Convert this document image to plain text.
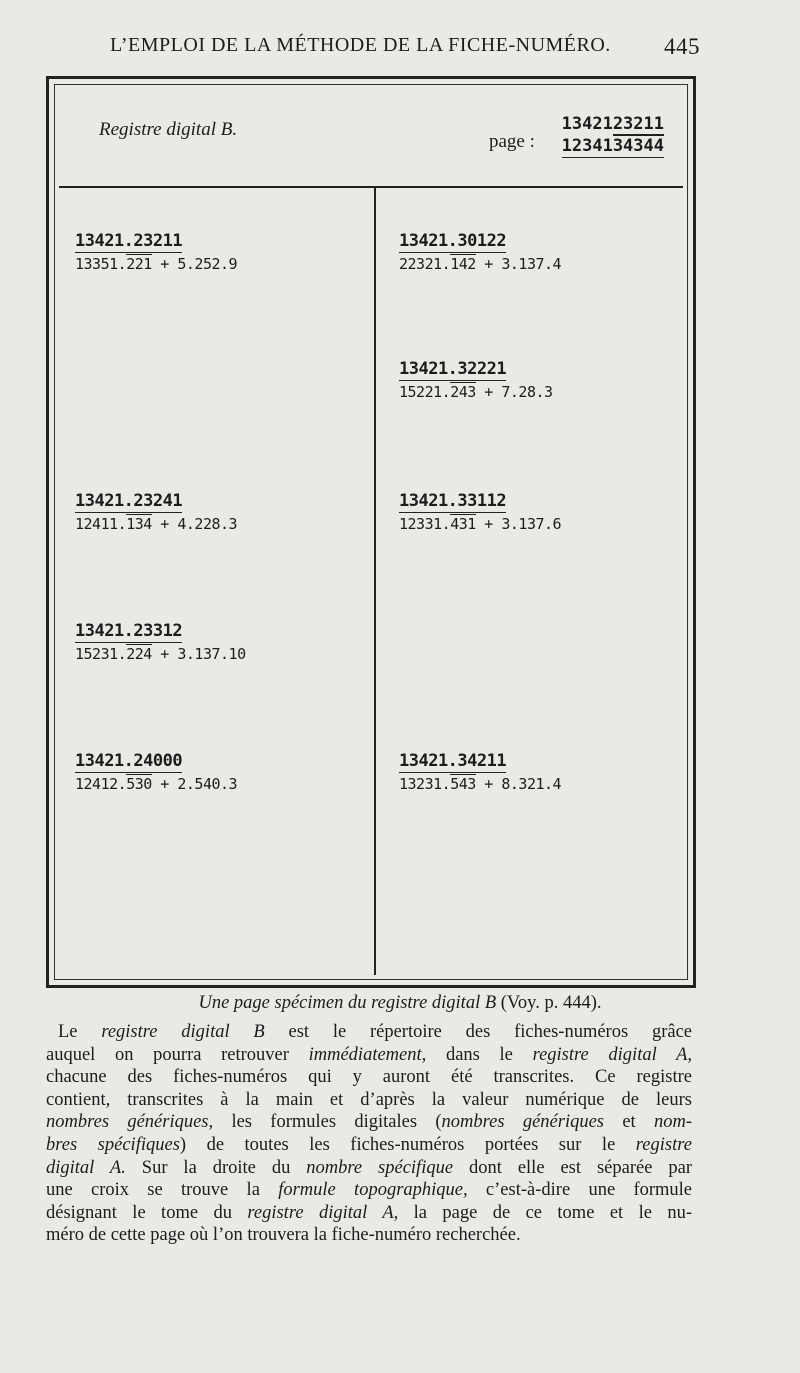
L’EMPLOI DE LA MÉTHODE DE LA FICHE-NUMÉRO. 445
Registre digital B.
page :
1342123211
1234134344
13421.23211
13351.221 + 5.252.9
13421.23241
12411.134 + 4.228.3
13421.23312
15231.224 + 3.137.10
13421.24000
12412.530 + 2.540.3
13421.30122
22321.142 + 3.137.4
13421.32221
15221.243 + 7.28.3
13421.33112
12331.431 + 3.137.6
13421.34211
13231.543 + 8.321.4
Une page spécimen du registre digital B (Voy. p. 444).
Le registre digital B est le répertoire des fiches-numéros grâce
auquel on pourra retrouver immédiatement, dans le registre digital A,
chacune des fiches-numéros qui y auront été transcrites. Ce registre
contient, transcrites à la main et d’après la valeur numérique de leurs
nombres génériques, les formules digitales (nombres génériques et nom-
bres spécifiques) de toutes les fiches-numéros portées sur le registre
digital A. Sur la droite du nombre spécifique dont elle est séparée par
une croix se trouve la formule topographique, c’est-à-dire une formule
désignant le tome du registre digital A, la page de ce tome et le nu-
méro de cette page où l’on trouvera la fiche-numéro recherchée.
